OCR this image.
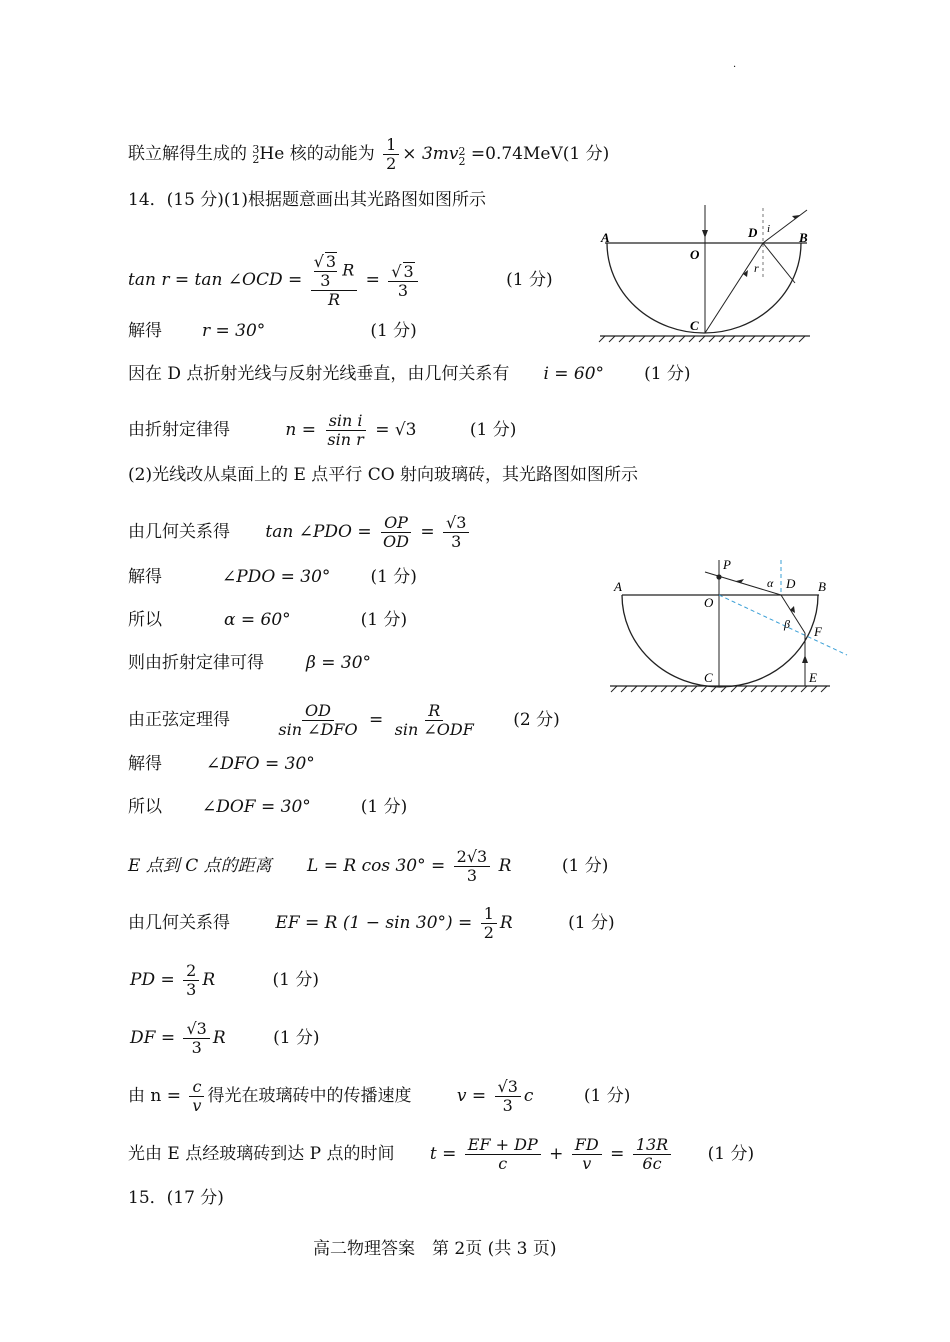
·
联立解得生成的 3
2 He 核的动能为 $\frac{1}{2} \times 3mv^2_2 =0.74MeV(1$ 分)
14．(15 分)(1)根据题意画出其光路图如图所示
tan r = tan ∠OCD = $\frac{\frac{√ 3}{3} R}{R} = \frac{√ 3}{3}$	(1 分)
解得 r = 30°	(1 分)
因在 D 点折射光线与反射光线垂直，由几何关系有 i = 60° (1 分)
由折射定律得	$n = \frac{\text{sin i}}{\text{sin r}} = √3$	(1 分)
(2)光线改从桌面上的 E 点平行 CO 射向玻璃砖，其光路图如图所示
由几何关系得 tan ∠PDO = $\frac{OP}{OD} = \frac{√3}{3}$
解得	∠PDO = 30° (1 分)
所以	α = 60°	(1 分)
则由折射定律可得 β = 30°
由正弦定理得	$\frac{OD}{\text{sin ∠DFO}} = \frac{R}{\text{sin ∠ODF}} (2$ 分)
解得	∠DFO = 30°
所以 ∠DOF = 30°	(1 分)
E 点到 C 点的距离 L = R $\cos 30^\circ = \frac{2√3}{3}$ R	(1 分)
由几何关系得	EF = R $(1 - \sin 30^\circ) = \frac{1}{2}$ R	(1 分)
PD = $\frac{2}{3}$ R	(1 分)
DF = $\frac{√3}{3}$ R	(1 分)
由 $n = \frac{c}{v}$ 得光在玻璃砖中的传播速度	$v = \frac{√3}{3}$ c	(1 分)
光由 E 点经玻璃砖到达 P 点的时间 $t = \frac{EF + DP}{c} + \frac{FD}{v} = \frac{13R}{6c} (1$ 分)
15．(17 分)
高二物理答案　第 2页 (共 3 页)
A	B
O
D
C
i
r
A	B
O
P
D
α
β F
C	E
